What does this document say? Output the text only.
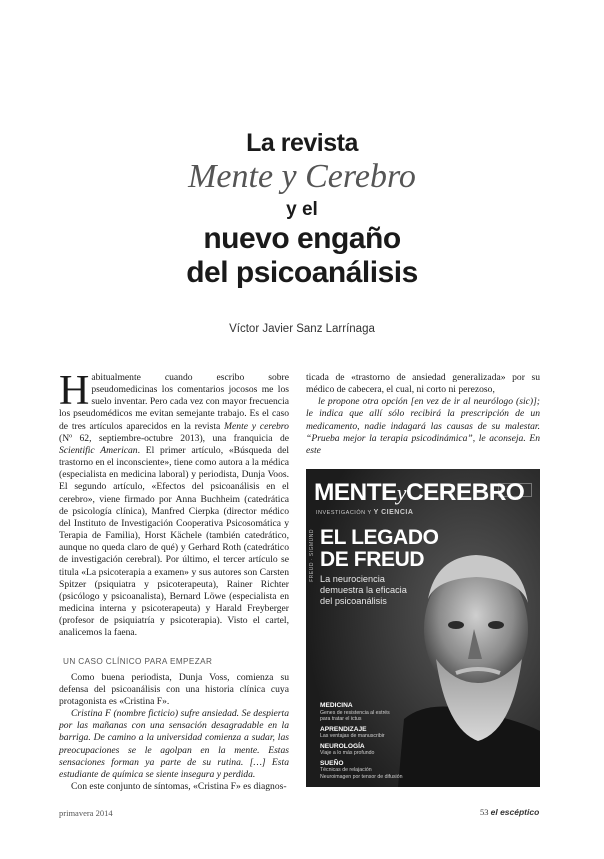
La revista
Mente y Cerebro
y el
nuevo engaño
del psicoanálisis
Víctor Javier Sanz Larrínaga

Habitualmente cuando escribo sobre pseudomedicinas los comentarios jocosos me los suelo inventar. Pero cada vez con mayor frecuencia los pseudomédicos me evitan semejante trabajo. Es el caso de tres artículos aparecidos en la revista Mente y cerebro (Nº 62, septiembre-octubre 2013), una franquicia de Scientific American. El primer artículo, «Búsqueda del trastorno en el inconsciente», tiene como autora a la médica (especialista en medicina laboral) y periodista, Dunja Voos. El segundo artículo, «Efectos del psicoanálisis en el cerebro», viene firmado por Anna Buchheim (catedrática de psicología clínica), Manfred Cierpka (director médico del Instituto de Investigación Cooperativa Psicosomática y Terapia de Familia), Horst Kächele (también catedrático, aunque no queda claro de qué) y Gerhard Roth (catedrático de investigación cerebral). Por último, el tercer artículo se titula «La psicoterapia a examen» y sus autores son Carsten Spitzer (psiquiatra y psicoterapeuta), Rainer Richter (psicólogo y psicoanalista), Bernard Löwe (especialista en medicina interna y psicoterapeuta) y Harald Freyberger (profesor de psiquiatría y psicoterapia). Visto el cartel, analicemos la faena.

UN CASO CLÍNICO PARA EMPEZAR

Como buena periodista, Dunja Voss, comienza su defensa del psicoanálisis con una historia clínica cuya protagonista es «Cristina F».

Cristina F (nombre ficticio) sufre ansiedad. Se despierta por las mañanas con una sensación desagradable en la barriga. De camino a la universidad comienza a sudar, las preocupaciones se le agolpan en la mente. Estas sensaciones forman ya parte de su rutina. […] Esta estudiante de química se siente insegura y perdida.

Con este conjunto de síntomas, «Cristina F» es diagnos-

ticada de «trastorno de ansiedad generalizada» por su médico de cabecera, el cual, ni corto ni perezoso,

le propone otra opción [en vez de ir al neurólogo (sic)]; le indica que allí sólo recibirá la prescripción de un medicamento, nadie indagará las causas de su malestar. “Prueba mejor la terapia psicodinámica”, le aconseja. En este

MENTEyCEREBRO
INVESTIGACIÓN Y Y CIENCIA
FREUD · SIGMUND EL LEGADO
DE FREUD
La neurociencia
demuestra la eficacia
del psicoanálisis
MEDICINA
Genes de resistencia al estrés
para tratar el ictus
APRENDIZAJE
Las ventajas de manuscribir
NEUROLOGÍA
Viaje a lo más profundo
SUEÑO
Técnicas de relajación
Neuroimagen por tensor de difusión
primavera 2014	53 el escéptico
